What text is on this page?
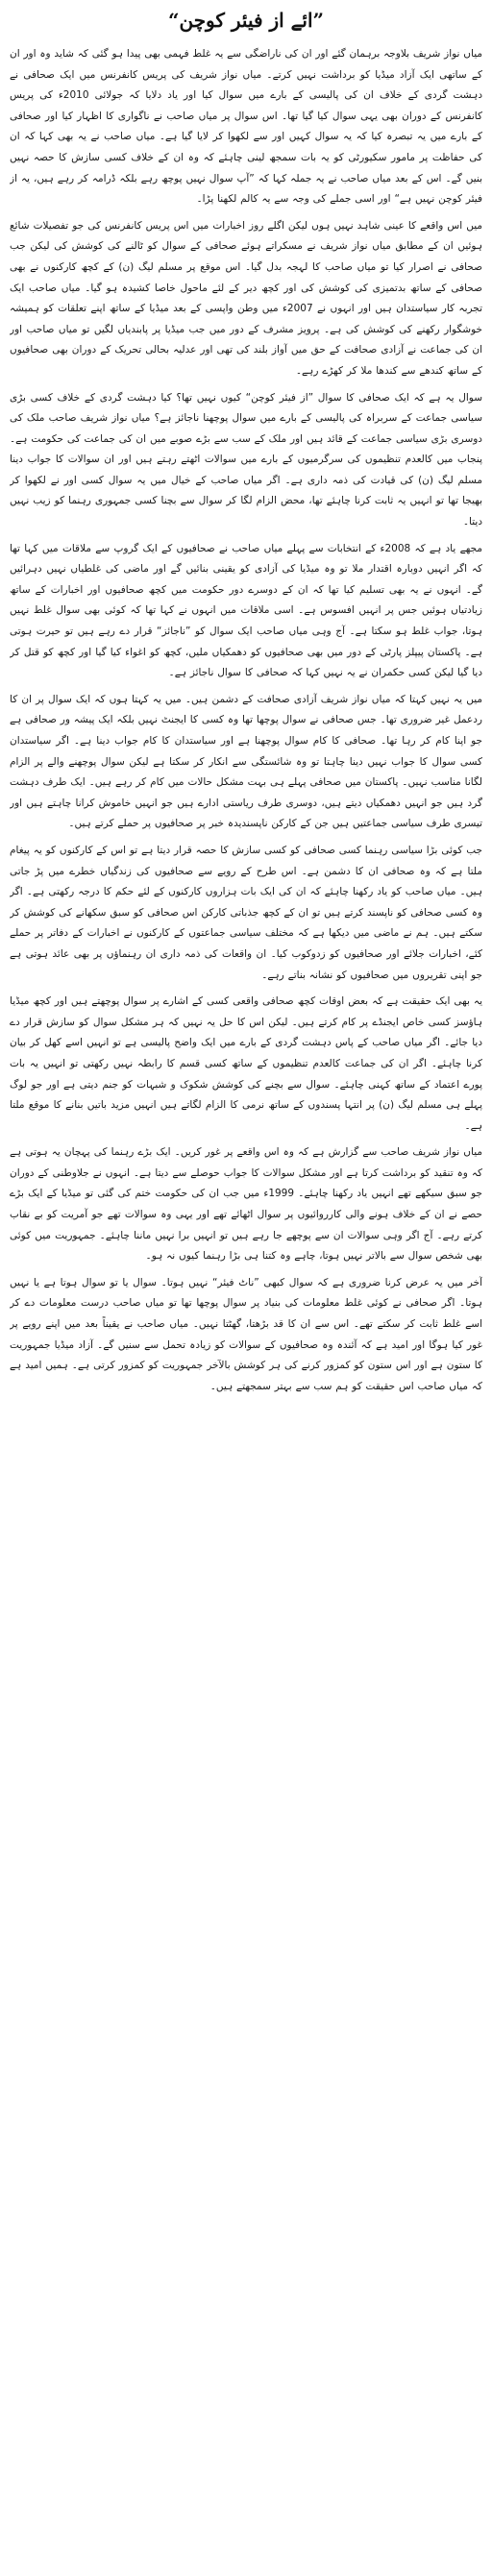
”ائے از فیئر کوچن“

میاں نواز شریف بلاوجہ برہمان گئے اور ان کی ناراضگی سے یہ غلط فہمی بھی پیدا ہو گئی کہ شاید وہ اور ان کے ساتھی ایک آزاد میڈیا کو برداشت نہیں کرتے۔ میاں نواز شریف کی پریس کانفرنس میں ایک صحافی نے دہشت گردی کے خلاف ان کی پالیسی کے بارے میں سوال کیا اور یاد دلایا کہ جولائی 2010ء کی پریس کانفرنس کے دوران بھی یہی سوال کیا گیا تھا۔ اس سوال پر میاں صاحب نے ناگواری کا اظہار کیا اور صحافی کے بارے میں یہ تبصرہ کیا کہ یہ سوال کہیں اور سے لکھوا کر لایا گیا ہے۔ میاں صاحب نے یہ بھی کہا کہ ان کی حفاظت پر مامور سکیورٹی کو یہ بات سمجھ لینی چاہئے کہ وہ ان کے خلاف کسی سازش کا حصہ نہیں بنیں گے۔ اس کے بعد میاں صاحب نے یہ جملہ کہا کہ ”آپ سوال نہیں پوچھ رہے بلکہ ڈرامہ کر رہے ہیں، یہ از فیئر کوچن نہیں ہے“ اور اسی جملے کی وجہ سے یہ کالم لکھنا پڑا۔

میں اس واقعے کا عینی شاہد نہیں ہوں لیکن اگلے روز اخبارات میں اس پریس کانفرنس کی جو تفصیلات شائع ہوئیں ان کے مطابق میاں نواز شریف نے مسکراتے ہوئے صحافی کے سوال کو ٹالنے کی کوشش کی لیکن جب صحافی نے اصرار کیا تو میاں صاحب کا لہجہ بدل گیا۔ اس موقع پر مسلم لیگ (ن) کے کچھ کارکنوں نے بھی صحافی کے ساتھ بدتمیزی کی کوشش کی اور کچھ دیر کے لئے ماحول خاصا کشیدہ ہو گیا۔ میاں صاحب ایک تجربہ کار سیاستدان ہیں اور انہوں نے 2007ء میں وطن واپسی کے بعد میڈیا کے ساتھ اپنے تعلقات کو ہمیشہ خوشگوار رکھنے کی کوشش کی ہے۔ پرویز مشرف کے دور میں جب میڈیا پر پابندیاں لگیں تو میاں صاحب اور ان کی جماعت نے آزادی صحافت کے حق میں آواز بلند کی تھی اور عدلیہ بحالی تحریک کے دوران بھی صحافیوں کے ساتھ کندھے سے کندھا ملا کر کھڑے رہے۔

سوال یہ ہے کہ ایک صحافی کا سوال ”از فیئر کوچن“ کیوں نہیں تھا؟ کیا دہشت گردی کے خلاف کسی بڑی سیاسی جماعت کے سربراہ کی پالیسی کے بارے میں سوال پوچھنا ناجائز ہے؟ میاں نواز شریف صاحب ملک کی دوسری بڑی سیاسی جماعت کے قائد ہیں اور ملک کے سب سے بڑے صوبے میں ان کی جماعت کی حکومت ہے۔ پنجاب میں کالعدم تنظیموں کی سرگرمیوں کے بارے میں سوالات اٹھتے رہتے ہیں اور ان سوالات کا جواب دینا مسلم لیگ (ن) کی قیادت کی ذمہ داری ہے۔ اگر میاں صاحب کے خیال میں یہ سوال کسی اور نے لکھوا کر بھیجا تھا تو انہیں یہ ثابت کرنا چاہئے تھا، محض الزام لگا کر سوال سے بچنا کسی جمہوری رہنما کو زیب نہیں دیتا۔

مجھے یاد ہے کہ 2008ء کے انتخابات سے پہلے میاں صاحب نے صحافیوں کے ایک گروپ سے ملاقات میں کہا تھا کہ اگر انہیں دوبارہ اقتدار ملا تو وہ میڈیا کی آزادی کو یقینی بنائیں گے اور ماضی کی غلطیاں نہیں دہرائیں گے۔ انہوں نے یہ بھی تسلیم کیا تھا کہ ان کے دوسرے دور حکومت میں کچھ صحافیوں اور اخبارات کے ساتھ زیادتیاں ہوئیں جس پر انہیں افسوس ہے۔ اسی ملاقات میں انہوں نے کہا تھا کہ کوئی بھی سوال غلط نہیں ہوتا، جواب غلط ہو سکتا ہے۔ آج وہی میاں صاحب ایک سوال کو ”ناجائز“ قرار دے رہے ہیں تو حیرت ہوتی ہے۔ پاکستان پیپلز پارٹی کے دور میں بھی صحافیوں کو دھمکیاں ملیں، کچھ کو اغواء کیا گیا اور کچھ کو قتل کر دیا گیا لیکن کسی حکمران نے یہ نہیں کہا کہ صحافی کا سوال ناجائز ہے۔

میں یہ نہیں کہتا کہ میاں نواز شریف آزادی صحافت کے دشمن ہیں۔ میں یہ کہتا ہوں کہ ایک سوال پر ان کا ردعمل غیر ضروری تھا۔ جس صحافی نے سوال پوچھا تھا وہ کسی کا ایجنٹ نہیں بلکہ ایک پیشہ ور صحافی ہے جو اپنا کام کر رہا تھا۔ صحافی کا کام سوال پوچھنا ہے اور سیاستدان کا کام جواب دینا ہے۔ اگر سیاستدان کسی سوال کا جواب نہیں دینا چاہتا تو وہ شائستگی سے انکار کر سکتا ہے لیکن سوال پوچھنے والے پر الزام لگانا مناسب نہیں۔ پاکستان میں صحافی پہلے ہی بہت مشکل حالات میں کام کر رہے ہیں۔ ایک طرف دہشت گرد ہیں جو انہیں دھمکیاں دیتے ہیں، دوسری طرف ریاستی ادارے ہیں جو انہیں خاموش کرانا چاہتے ہیں اور تیسری طرف سیاسی جماعتیں ہیں جن کے کارکن ناپسندیدہ خبر پر صحافیوں پر حملے کرتے ہیں۔

جب کوئی بڑا سیاسی رہنما کسی صحافی کو کسی سازش کا حصہ قرار دیتا ہے تو اس کے کارکنوں کو یہ پیغام ملتا ہے کہ وہ صحافی ان کا دشمن ہے۔ اس طرح کے رویے سے صحافیوں کی زندگیاں خطرے میں پڑ جاتی ہیں۔ میاں صاحب کو یاد رکھنا چاہئے کہ ان کی ایک بات ہزاروں کارکنوں کے لئے حکم کا درجہ رکھتی ہے۔ اگر وہ کسی صحافی کو ناپسند کرتے ہیں تو ان کے کچھ جذباتی کارکن اس صحافی کو سبق سکھانے کی کوشش کر سکتے ہیں۔ ہم نے ماضی میں دیکھا ہے کہ مختلف سیاسی جماعتوں کے کارکنوں نے اخبارات کے دفاتر پر حملے کئے، اخبارات جلائے اور صحافیوں کو زدوکوب کیا۔ ان واقعات کی ذمہ داری ان رہنماؤں پر بھی عائد ہوتی ہے جو اپنی تقریروں میں صحافیوں کو نشانہ بناتے رہے۔

یہ بھی ایک حقیقت ہے کہ بعض اوقات کچھ صحافی واقعی کسی کے اشارے پر سوال پوچھتے ہیں اور کچھ میڈیا ہاؤسز کسی خاص ایجنڈے پر کام کرتے ہیں۔ لیکن اس کا حل یہ نہیں کہ ہر مشکل سوال کو سازش قرار دے دیا جائے۔ اگر میاں صاحب کے پاس دہشت گردی کے بارے میں ایک واضح پالیسی ہے تو انہیں اسے کھل کر بیان کرنا چاہئے۔ اگر ان کی جماعت کالعدم تنظیموں کے ساتھ کسی قسم کا رابطہ نہیں رکھتی تو انہیں یہ بات پورے اعتماد کے ساتھ کہنی چاہئے۔ سوال سے بچنے کی کوشش شکوک و شبہات کو جنم دیتی ہے اور جو لوگ پہلے ہی مسلم لیگ (ن) پر انتہا پسندوں کے ساتھ نرمی کا الزام لگاتے ہیں انہیں مزید باتیں بنانے کا موقع ملتا ہے۔

میاں نواز شریف صاحب سے گزارش ہے کہ وہ اس واقعے پر غور کریں۔ ایک بڑے رہنما کی پہچان یہ ہوتی ہے کہ وہ تنقید کو برداشت کرتا ہے اور مشکل سوالات کا جواب حوصلے سے دیتا ہے۔ انہوں نے جلاوطنی کے دوران جو سبق سیکھے تھے انہیں یاد رکھنا چاہئے۔ 1999ء میں جب ان کی حکومت ختم کی گئی تو میڈیا کے ایک بڑے حصے نے ان کے خلاف ہونے والی کارروائیوں پر سوال اٹھائے تھے اور یہی وہ سوالات تھے جو آمریت کو بے نقاب کرتے رہے۔ آج اگر وہی سوالات ان سے پوچھے جا رہے ہیں تو انہیں برا نہیں ماننا چاہئے۔ جمہوریت میں کوئی بھی شخص سوال سے بالاتر نہیں ہوتا، چاہے وہ کتنا ہی بڑا رہنما کیوں نہ ہو۔

آخر میں یہ عرض کرنا ضروری ہے کہ سوال کبھی ”ناٹ فیئر“ نہیں ہوتا۔ سوال یا تو سوال ہوتا ہے یا نہیں ہوتا۔ اگر صحافی نے کوئی غلط معلومات کی بنیاد پر سوال پوچھا تھا تو میاں صاحب درست معلومات دے کر اسے غلط ثابت کر سکتے تھے۔ اس سے ان کا قد بڑھتا، گھٹتا نہیں۔ میاں صاحب نے یقیناً بعد میں اپنے رویے پر غور کیا ہوگا اور امید ہے کہ آئندہ وہ صحافیوں کے سوالات کو زیادہ تحمل سے سنیں گے۔ آزاد میڈیا جمہوریت کا ستون ہے اور اس ستون کو کمزور کرنے کی ہر کوشش بالآخر جمہوریت کو کمزور کرتی ہے۔ ہمیں امید ہے کہ میاں صاحب اس حقیقت کو ہم سب سے بہتر سمجھتے ہیں۔
